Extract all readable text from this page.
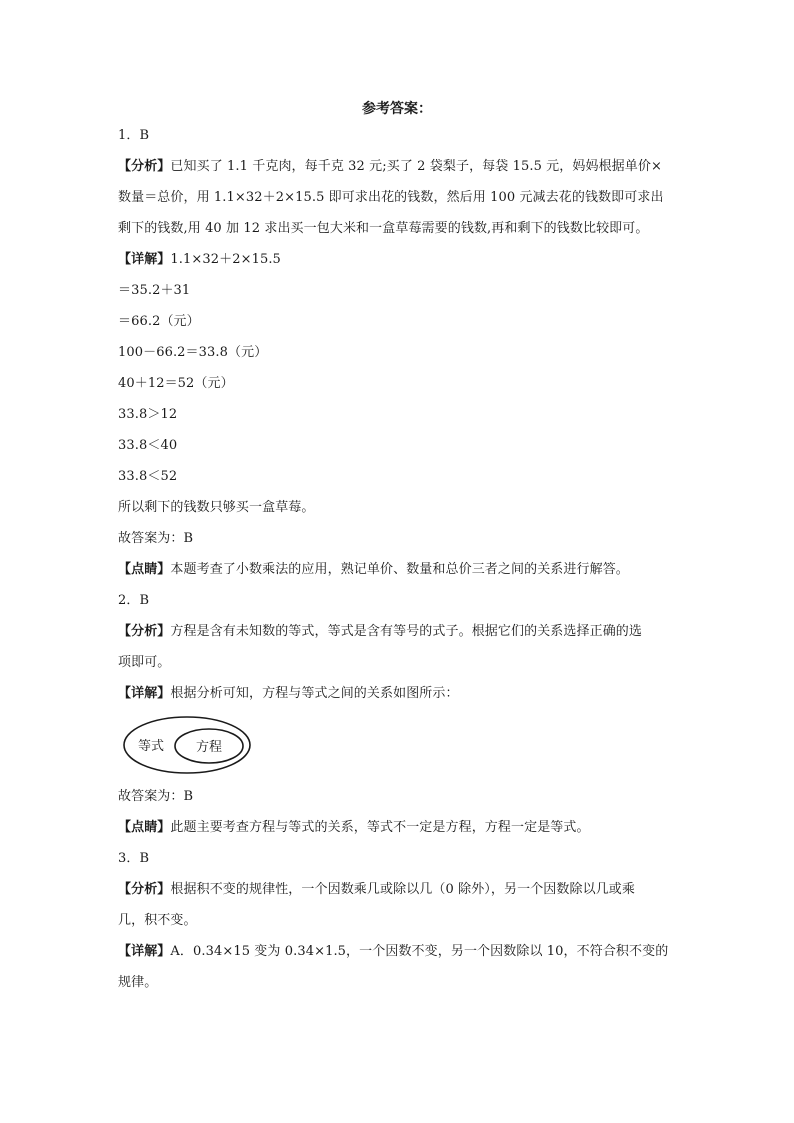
参考答案：
1．B
【分析】已知买了 1.1 千克肉，每千克 32 元;买了 2 袋梨子，每袋 15.5 元，妈妈根据单价×
数量＝总价，用 1.1×32＋2×15.5 即可求出花的钱数，然后用 100 元减去花的钱数即可求出
剩下的钱数,用 40 加 12 求出买一包大米和一盒草莓需要的钱数,再和剩下的钱数比较即可。
【详解】1.1×32＋2×15.5
＝35.2＋31
＝66.2（元）
100－66.2＝33.8（元）
40＋12＝52（元）
33.8＞12
33.8＜40
33.8＜52
所以剩下的钱数只够买一盒草莓。
故答案为：B
【点睛】本题考查了小数乘法的应用，熟记单价、数量和总价三者之间的关系进行解答。
2．B
【分析】方程是含有未知数的等式，等式是含有等号的式子。根据它们的关系选择正确的选
项即可。
【详解】根据分析可知，方程与等式之间的关系如图所示：
等式 方程
故答案为：B
【点睛】此题主要考查方程与等式的关系，等式不一定是方程，方程一定是等式。
3．B
【分析】根据积不变的规律性，一个因数乘几或除以几（0 除外），另一个因数除以几或乘
几，积不变。
【详解】A．0.34×15 变为 0.34×1.5，一个因数不变，另一个因数除以 10，不符合积不变的
规律。
